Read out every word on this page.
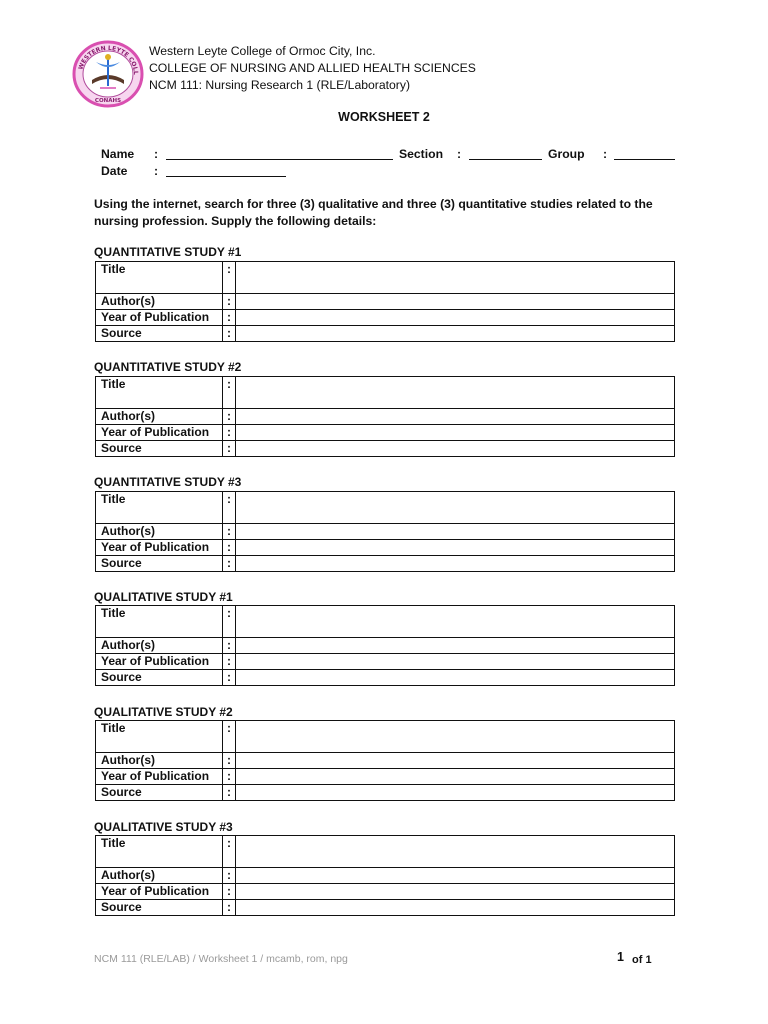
WESTERN LEYTE COLL
CONAHS
Western Leyte College of Ormoc City, Inc.
COLLEGE OF NURSING AND ALLIED HEALTH SCIENCES
NCM 111: Nursing Research 1 (RLE/Laboratory)
WORKSHEET 2
Name :	Section :	Group :
Date :
Using the internet, search for three (3) qualitative and three (3) quantitative studies related to the nursing profession. Supply the following details:
QUANTITATIVE STUDY #1
Title	:	
Author(s)	:	
Year of Publication	:	
Source	:	
QUANTITATIVE STUDY #2
Title	:	
Author(s)	:	
Year of Publication	:	
Source	:	
QUANTITATIVE STUDY #3
Title	:	
Author(s)	:	
Year of Publication	:	
Source	:	
QUALITATIVE STUDY #1
Title	:	
Author(s)	:	
Year of Publication	:	
Source	:	
QUALITATIVE STUDY #2
Title	:	
Author(s)	:	
Year of Publication	:	
Source	:	
QUALITATIVE STUDY #3
Title	:	
Author(s)	:	
Year of Publication	:	
Source	:	
NCM 111 (RLE/LAB) / Worksheet 1 / mcamb, rom, npg	1 of 1
